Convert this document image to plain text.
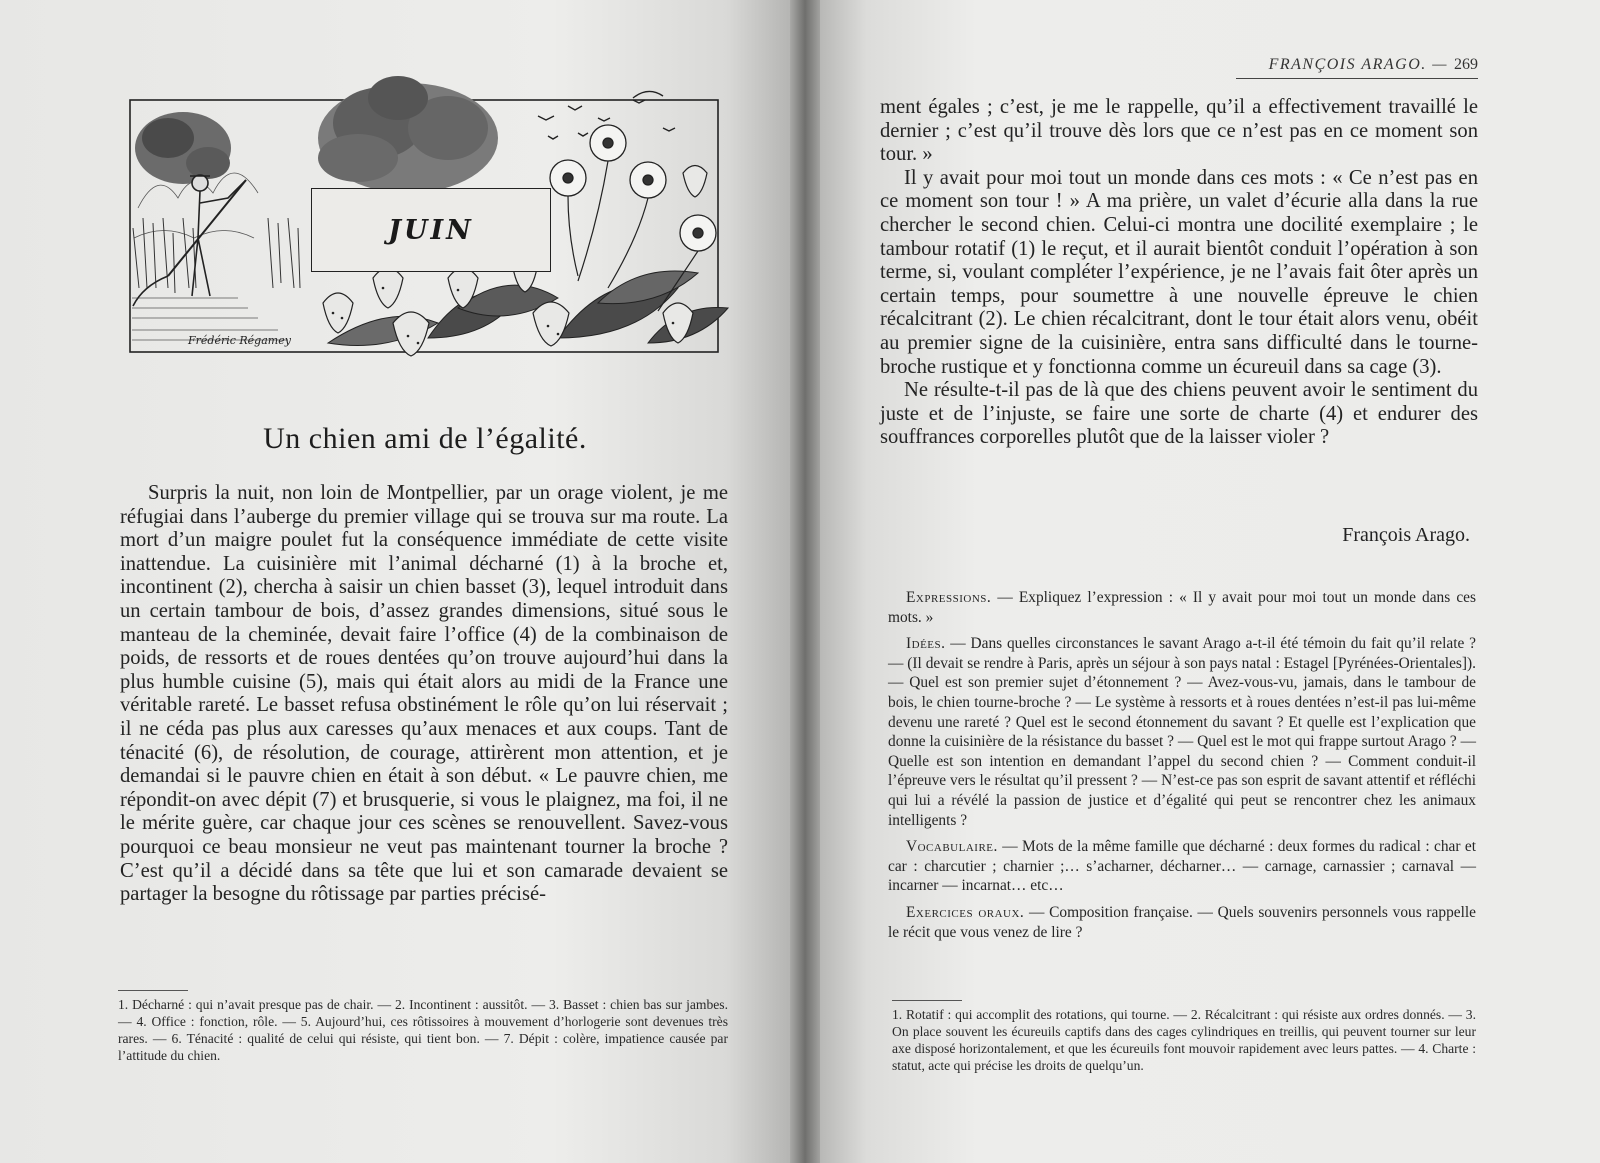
Frédéric Régamey
JUIN
Un chien ami de l’égalité.

Surpris la nuit, non loin de Montpellier, par un orage violent, je me réfugiai dans l’auberge du premier village qui se trouva sur ma route. La mort d’un maigre poulet fut la conséquence immédiate de cette visite inattendue. La cuisinière mit l’animal décharné (1) à la broche et, incontinent (2), chercha à saisir un chien basset (3), lequel introduit dans un certain tambour de bois, d’assez grandes dimensions, situé sous le manteau de la cheminée, devait faire l’office (4) de la combinaison de poids, de ressorts et de roues dentées qu’on trouve aujourd’hui dans la plus humble cuisine (5), mais qui était alors au midi de la France une véritable rareté. Le basset refusa obstinément le rôle qu’on lui réservait ; il ne céda pas plus aux caresses qu’aux menaces et aux coups. Tant de ténacité (6), de résolution, de courage, attirèrent mon attention, et je demandai si le pauvre chien en était à son début. « Le pauvre chien, me répondit-on avec dépit (7) et brusquerie, si vous le plaignez, ma foi, il ne le mérite guère, car chaque jour ces scènes se renouvellent. Savez-vous pourquoi ce beau monsieur ne veut pas maintenant tourner la broche ? C’est qu’il a décidé dans sa tête que lui et son camarade devaient se partager la besogne du rôtissage par parties précisé-

1. Décharné : qui n’avait presque pas de chair. — 2. Incontinent : aussitôt. — 3. Basset : chien bas sur jambes. — 4. Office : fonction, rôle. — 5. Aujourd’hui, ces rôtissoires à mouvement d’horlogerie sont devenues très rares. — 6. Ténacité : qualité de celui qui résiste, qui tient bon. — 7. Dépit : colère, impatience causée par l’attitude du chien.
FRANÇOIS ARAGO. — 269

ment égales ; c’est, je me le rappelle, qu’il a effectivement travaillé le dernier ; c’est qu’il trouve dès lors que ce n’est pas en ce moment son tour. »

Il y avait pour moi tout un monde dans ces mots : « Ce n’est pas en ce moment son tour ! » A ma prière, un valet d’écurie alla dans la rue chercher le second chien. Celui-ci montra une docilité exemplaire ; le tambour rotatif (1) le reçut, et il aurait bientôt conduit l’opération à son terme, si, voulant compléter l’expérience, je ne l’avais fait ôter après un certain temps, pour soumettre à une nouvelle épreuve le chien récalcitrant (2). Le chien récalcitrant, dont le tour était alors venu, obéit au premier signe de la cuisinière, entra sans difficulté dans le tourne-broche rustique et y fonctionna comme un écureuil dans sa cage (3).

Ne résulte-t-il pas de là que des chiens peuvent avoir le sentiment du juste et de l’injuste, se faire une sorte de charte (4) et endurer des souffrances corporelles plutôt que de la laisser violer ?

François Arago.

Expressions. — Expliquez l’expression : « Il y avait pour moi tout un monde dans ces mots. »

Idées. — Dans quelles circonstances le savant Arago a-t-il été témoin du fait qu’il relate ? — (Il devait se rendre à Paris, après un séjour à son pays natal : Estagel [Pyrénées-Orientales]). — Quel est son premier sujet d’étonnement ? — Avez-vous-vu, jamais, dans le tambour de bois, le chien tourne-broche ? — Le système à ressorts et à roues dentées n’est-il pas lui-même devenu une rareté ? Quel est le second étonnement du savant ? Et quelle est l’explication que donne la cuisinière de la résistance du basset ? — Quel est le mot qui frappe surtout Arago ? — Quelle est son intention en demandant l’appel du second chien ? — Comment conduit-il l’épreuve vers le résultat qu’il pressent ? — N’est-ce pas son esprit de savant attentif et réfléchi qui lui a révélé la passion de justice et d’égalité qui peut se rencontrer chez les animaux intelligents ?

Vocabulaire. — Mots de la même famille que décharné : deux formes du radical : char et car : charcutier ; charnier ;… s’acharner, décharner… — carnage, carnassier ; carnaval — incarner — incarnat… etc…

Exercices oraux. — Composition française. — Quels souvenirs personnels vous rappelle le récit que vous venez de lire ?

1. Rotatif : qui accomplit des rotations, qui tourne. — 2. Récalcitrant : qui résiste aux ordres donnés. — 3. On place souvent les écureuils captifs dans des cages cylindriques en treillis, qui peuvent tourner sur leur axe disposé horizontalement, et que les écureuils font mouvoir rapidement avec leurs pattes. — 4. Charte : statut, acte qui précise les droits de quelqu’un.
